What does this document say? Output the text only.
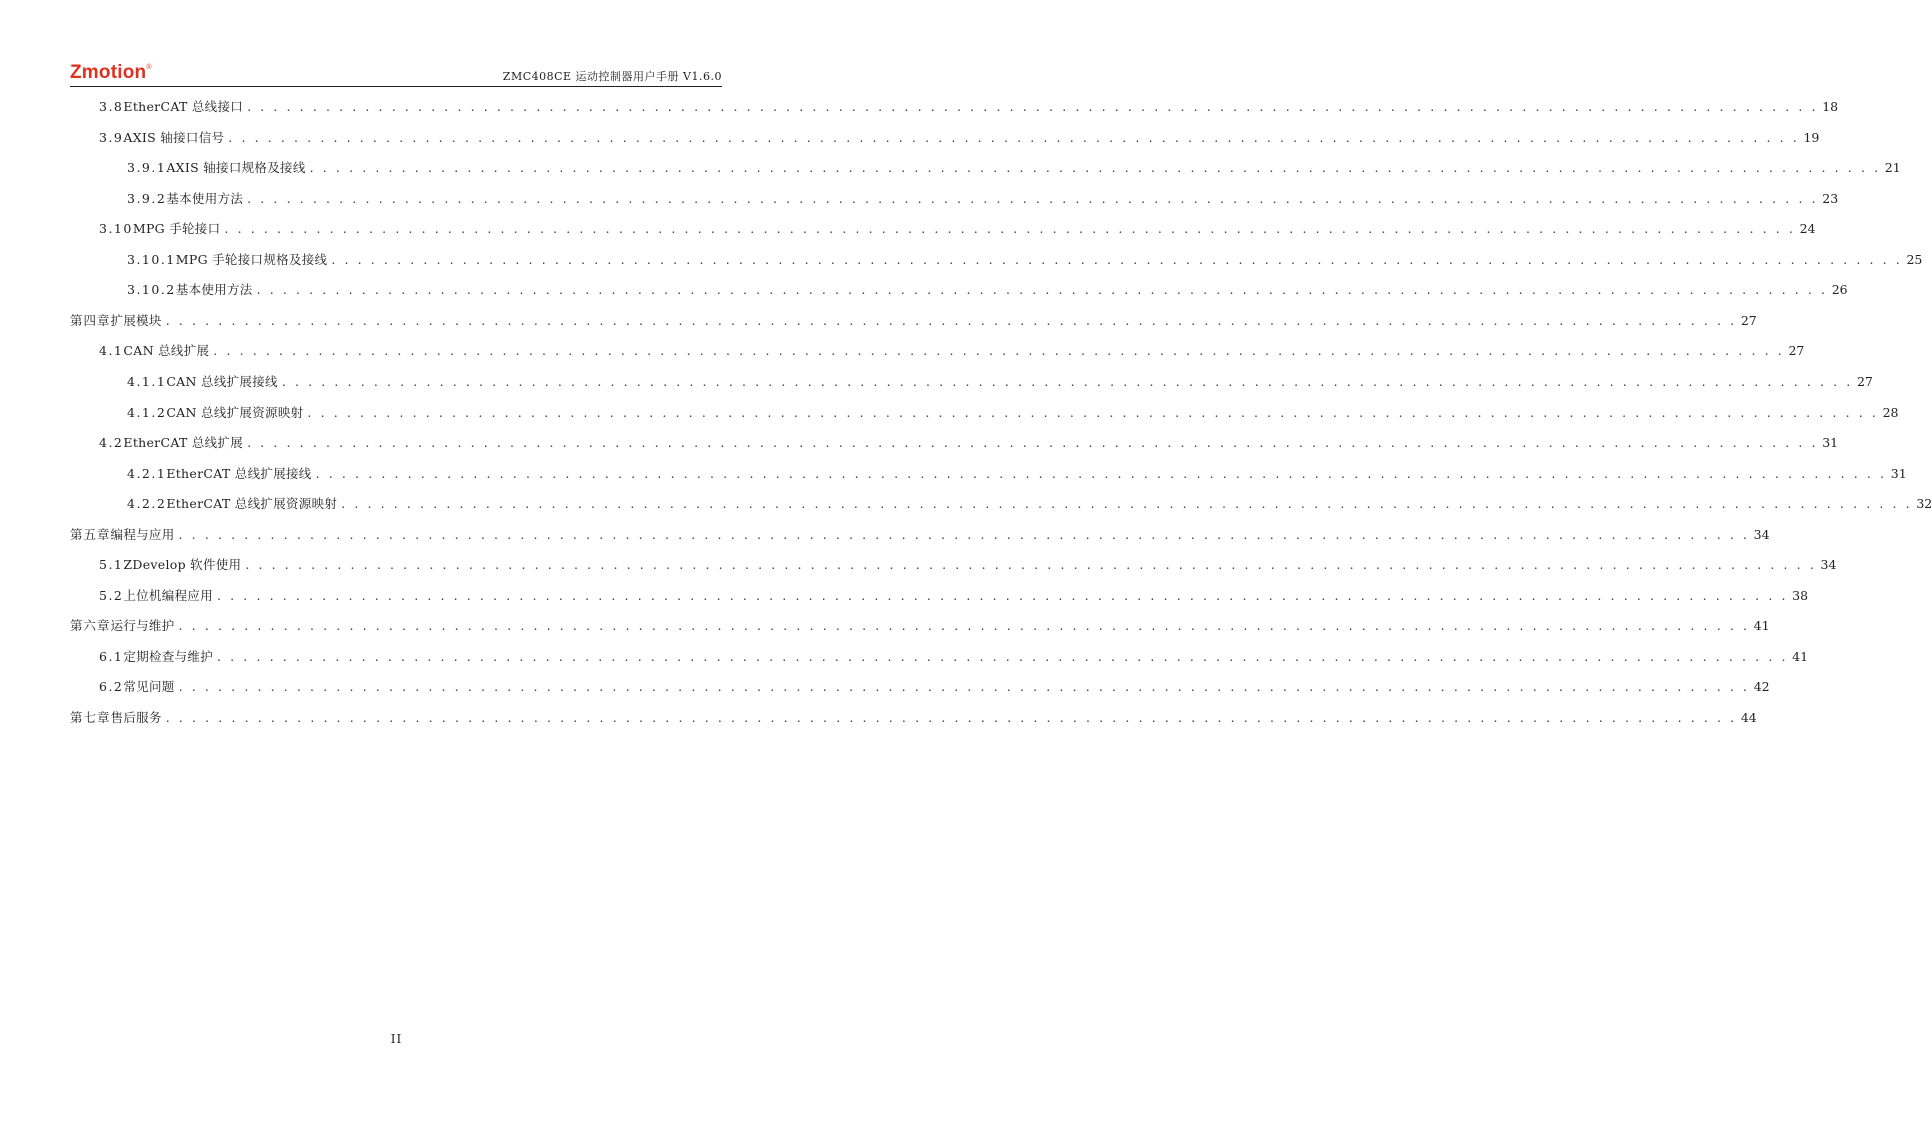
Zmotion®
ZMC408CE 运动控制器用户手册 V1.6.0
3.8 EtherCAT 总线接口 . . . . . . . . . . . . . . . . . . . . . . . . . . . . . . . . . . . . . . . . . . . . . . . . . . . . . . . . . . . . . . . . . . . . . . . . . . . . . . . . . . . . . . . . . . . . . . . . . . . . . . . . . . . . . . . . . . . . . . . . 18
3.9 AXIS 轴接口信号 . . . . . . . . . . . . . . . . . . . . . . . . . . . . . . . . . . . . . . . . . . . . . . . . . . . . . . . . . . . . . . . . . . . . . . . . . . . . . . . . . . . . . . . . . . . . . . . . . . . . . . . . . . . . . . . . . . . . . . . . 19
3.9.1 AXIS 轴接口规格及接线 . . . . . . . . . . . . . . . . . . . . . . . . . . . . . . . . . . . . . . . . . . . . . . . . . . . . . . . . . . . . . . . . . . . . . . . . . . . . . . . . . . . . . . . . . . . . . . . . . . . . . . . . . . . . . . . . . . . . . . . . 21
3.9.2 基本使用方法 . . . . . . . . . . . . . . . . . . . . . . . . . . . . . . . . . . . . . . . . . . . . . . . . . . . . . . . . . . . . . . . . . . . . . . . . . . . . . . . . . . . . . . . . . . . . . . . . . . . . . . . . . . . . . . . . . . . . . . . . 23
3.10 MPG 手轮接口 . . . . . . . . . . . . . . . . . . . . . . . . . . . . . . . . . . . . . . . . . . . . . . . . . . . . . . . . . . . . . . . . . . . . . . . . . . . . . . . . . . . . . . . . . . . . . . . . . . . . . . . . . . . . . . . . . . . . . . . . 24
3.10.1 MPG 手轮接口规格及接线 . . . . . . . . . . . . . . . . . . . . . . . . . . . . . . . . . . . . . . . . . . . . . . . . . . . . . . . . . . . . . . . . . . . . . . . . . . . . . . . . . . . . . . . . . . . . . . . . . . . . . . . . . . . . . . . . . . . . . . . . 25
3.10.2 基本使用方法 . . . . . . . . . . . . . . . . . . . . . . . . . . . . . . . . . . . . . . . . . . . . . . . . . . . . . . . . . . . . . . . . . . . . . . . . . . . . . . . . . . . . . . . . . . . . . . . . . . . . . . . . . . . . . . . . . . . . . . . . 26
第四章 扩展模块 . . . . . . . . . . . . . . . . . . . . . . . . . . . . . . . . . . . . . . . . . . . . . . . . . . . . . . . . . . . . . . . . . . . . . . . . . . . . . . . . . . . . . . . . . . . . . . . . . . . . . . . . . . . . . . . . . . . . . . . . 27
4.1 CAN 总线扩展 . . . . . . . . . . . . . . . . . . . . . . . . . . . . . . . . . . . . . . . . . . . . . . . . . . . . . . . . . . . . . . . . . . . . . . . . . . . . . . . . . . . . . . . . . . . . . . . . . . . . . . . . . . . . . . . . . . . . . . . . 27
4.1.1 CAN 总线扩展接线 . . . . . . . . . . . . . . . . . . . . . . . . . . . . . . . . . . . . . . . . . . . . . . . . . . . . . . . . . . . . . . . . . . . . . . . . . . . . . . . . . . . . . . . . . . . . . . . . . . . . . . . . . . . . . . . . . . . . . . . . 27
4.1.2 CAN 总线扩展资源映射 . . . . . . . . . . . . . . . . . . . . . . . . . . . . . . . . . . . . . . . . . . . . . . . . . . . . . . . . . . . . . . . . . . . . . . . . . . . . . . . . . . . . . . . . . . . . . . . . . . . . . . . . . . . . . . . . . . . . . . . . 28
4.2 EtherCAT 总线扩展 . . . . . . . . . . . . . . . . . . . . . . . . . . . . . . . . . . . . . . . . . . . . . . . . . . . . . . . . . . . . . . . . . . . . . . . . . . . . . . . . . . . . . . . . . . . . . . . . . . . . . . . . . . . . . . . . . . . . . . . . 31
4.2.1 EtherCAT 总线扩展接线 . . . . . . . . . . . . . . . . . . . . . . . . . . . . . . . . . . . . . . . . . . . . . . . . . . . . . . . . . . . . . . . . . . . . . . . . . . . . . . . . . . . . . . . . . . . . . . . . . . . . . . . . . . . . . . . . . . . . . . . . 31
4.2.2 EtherCAT 总线扩展资源映射 . . . . . . . . . . . . . . . . . . . . . . . . . . . . . . . . . . . . . . . . . . . . . . . . . . . . . . . . . . . . . . . . . . . . . . . . . . . . . . . . . . . . . . . . . . . . . . . . . . . . . . . . . . . . . . . . . . . . . . . . 32
第五章 编程与应用 . . . . . . . . . . . . . . . . . . . . . . . . . . . . . . . . . . . . . . . . . . . . . . . . . . . . . . . . . . . . . . . . . . . . . . . . . . . . . . . . . . . . . . . . . . . . . . . . . . . . . . . . . . . . . . . . . . . . . . . . 34
5.1 ZDevelop 软件使用 . . . . . . . . . . . . . . . . . . . . . . . . . . . . . . . . . . . . . . . . . . . . . . . . . . . . . . . . . . . . . . . . . . . . . . . . . . . . . . . . . . . . . . . . . . . . . . . . . . . . . . . . . . . . . . . . . . . . . . . . 34
5.2 上位机编程应用 . . . . . . . . . . . . . . . . . . . . . . . . . . . . . . . . . . . . . . . . . . . . . . . . . . . . . . . . . . . . . . . . . . . . . . . . . . . . . . . . . . . . . . . . . . . . . . . . . . . . . . . . . . . . . . . . . . . . . . . . 38
第六章 运行与维护 . . . . . . . . . . . . . . . . . . . . . . . . . . . . . . . . . . . . . . . . . . . . . . . . . . . . . . . . . . . . . . . . . . . . . . . . . . . . . . . . . . . . . . . . . . . . . . . . . . . . . . . . . . . . . . . . . . . . . . . . 41
6.1 定期检查与维护 . . . . . . . . . . . . . . . . . . . . . . . . . . . . . . . . . . . . . . . . . . . . . . . . . . . . . . . . . . . . . . . . . . . . . . . . . . . . . . . . . . . . . . . . . . . . . . . . . . . . . . . . . . . . . . . . . . . . . . . . 41
6.2 常见问题 . . . . . . . . . . . . . . . . . . . . . . . . . . . . . . . . . . . . . . . . . . . . . . . . . . . . . . . . . . . . . . . . . . . . . . . . . . . . . . . . . . . . . . . . . . . . . . . . . . . . . . . . . . . . . . . . . . . . . . . . 42
第七章 售后服务 . . . . . . . . . . . . . . . . . . . . . . . . . . . . . . . . . . . . . . . . . . . . . . . . . . . . . . . . . . . . . . . . . . . . . . . . . . . . . . . . . . . . . . . . . . . . . . . . . . . . . . . . . . . . . . . . . . . . . . . . 44
II
